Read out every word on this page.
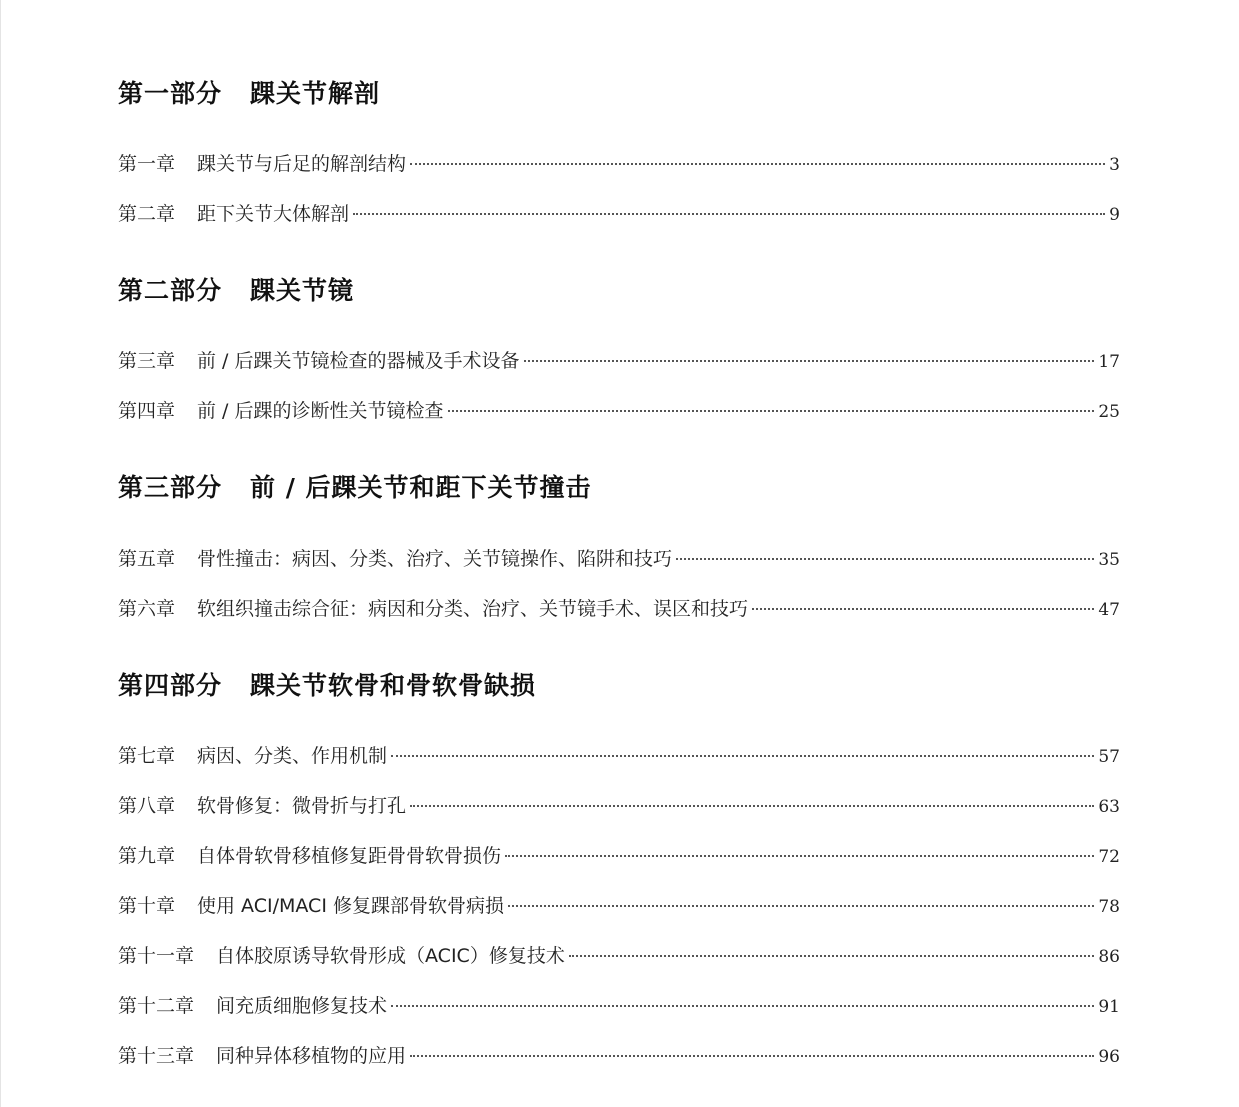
第一部分 踝关节解剖
第一章 踝关节与后足的解剖结构	3
第二章 距下关节大体解剖	9
第二部分 踝关节镜
第三章 前 / 后踝关节镜检查的器械及手术设备	17
第四章 前 / 后踝的诊断性关节镜检查	25
第三部分 前 / 后踝关节和距下关节撞击
第五章 骨性撞击：病因、分类、治疗、关节镜操作、陷阱和技巧	35
第六章 软组织撞击综合征：病因和分类、治疗、关节镜手术、误区和技巧	47
第四部分 踝关节软骨和骨软骨缺损
第七章 病因、分类、作用机制	57
第八章 软骨修复：微骨折与打孔	63
第九章 自体骨软骨移植修复距骨骨软骨损伤	72
第十章 使用 ACI/MACI 修复踝部骨软骨病损	78
第十一章 自体胶原诱导软骨形成（ACIC）修复技术	86
第十二章 间充质细胞修复技术	91
第十三章 同种异体移植物的应用	96
